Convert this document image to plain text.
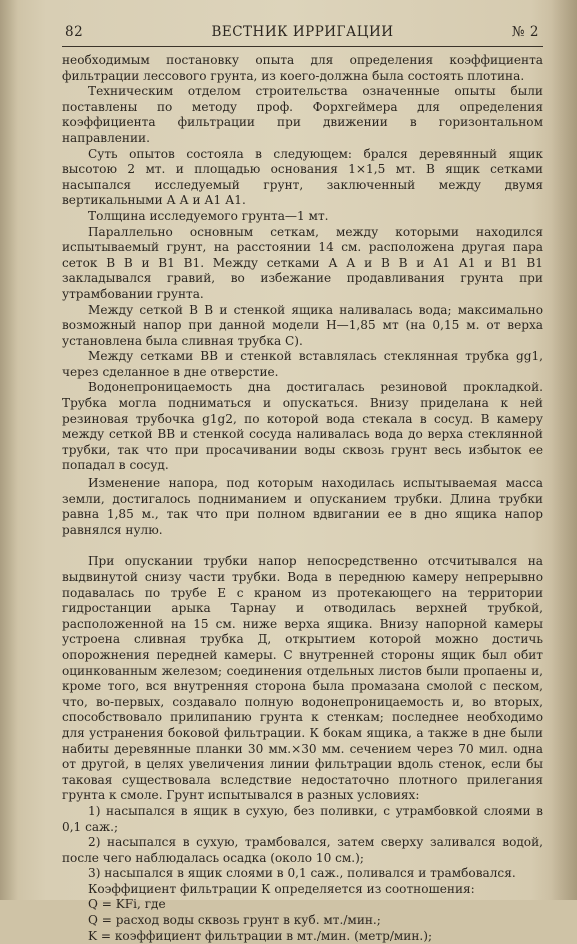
82	ВЕСТНИК ИРРИГАЦИИ	№ 2

необходимым постановку опыта для определения коэффициента фильтрации лессового грунта, из коего-должна была состоять плотина.

Техническим отделом строительства означенные опыты были поставлены по методу проф. Форхгеймера для определения коэффициента фильтрации при движении в горизонтальном направлении.

Суть опытов состояла в следующем: брался деревянный ящик высотою 2 мт. и площадью основания 1×1,5 мт. В ящик сетками насыпался исследуемый грунт, заключенный между двумя вертикальными А А и А1 А1.

Толщина исследуемого грунта—1 мт.

Параллельно основным сеткам, между которыми находился испытываемый грунт, на расстоянии 14 см. расположена другая пара сеток В В и В1 В1. Между сетками А А и В В и А1 А1 и В1 В1 закладывался гравий, во избежание продавливания грунта при утрамбовании грунта.

Между сеткой В В и стенкой ящика наливалась вода; максимально возможный напор при данной модели Н—1,85 мт (на 0,15 м. от верха установлена была сливная трубка С).

Между сетками ВВ и стенкой вставлялась стеклянная трубка gg1, через сделанное в дне отверстие.

Водонепроницаемость дна достигалась резиновой прокладкой. Трубка могла подниматься и опускаться. Внизу приделана к ней резиновая трубочка g1g2, по которой вода стекала в сосуд. В камеру между сеткой ВВ и стенкой сосуда наливалась вода до верха стеклянной трубки, так что при просачивании воды сквозь грунт весь избыток ее попадал в сосуд.

Изменение напора, под которым находилась испытываемая масса земли, достигалось подниманием и опусканием трубки. Длина трубки равна 1,85 м., так что при полном вдвигании ее в дно ящика напор равнялся нулю.

При опускании трубки напор непосредственно отсчитывался на выдвинутой снизу части трубки. Вода в переднюю камеру непрерывно подавалась по трубе Е с краном из протекающего на территории гидростанции арыка Тарнау и отводилась верхней трубкой, расположенной на 15 см. ниже верха ящика. Внизу напорной камеры устроена сливная трубка Д, открытием которой можно достичь опорожнения передней камеры. С внутренней стороны ящик был обит оцинкованным железом; соединения отдельных листов были пропаены и, кроме того, вся внутренняя сторона была промазана смолой с песком, что, во-первых, создавало полную водонепроницаемость и, во вторых, способствовало прилипанию грунта к стенкам; последнее необходимо для устранения боковой фильтрации. К бокам ящика, а также в дне были набиты деревянные планки 30 мм.×30 мм. сечением через 70 мил. одна от другой, в целях увеличения линии фильтрации вдоль стенок, если бы таковая существовала вследствие недостаточно плотного прилегания грунта к смоле. Грунт испытывался в разных условиях:

1) насыпался в ящик в сухую, без поливки, с утрамбовкой слоями в 0,1 саж.;

2) насыпался в сухую, трамбовался, затем сверху заливался водой, после чего наблюдалась осадка (около 10 см.);

3) насыпался в ящик слоями в 0,1 саж., поливался и трамбовался.

Коэффициент фильтрации К определяется из соотношения:

Q = KFi, где

Q = расход воды сквозь грунт в куб. мт./мин.;

K = коэффициент фильтрации в мт./мин. (метр/мин.);
